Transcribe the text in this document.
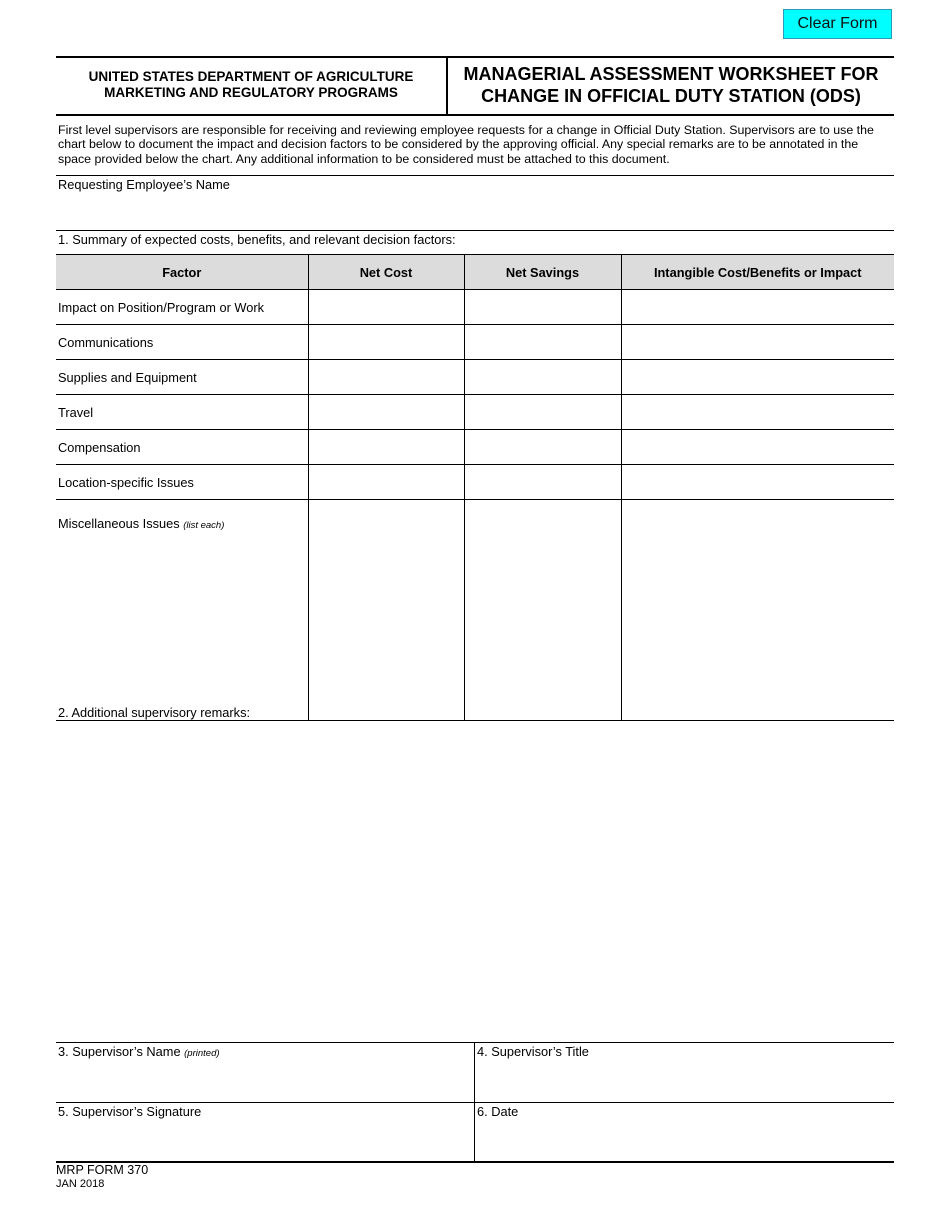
Clear Form
UNITED STATES DEPARTMENT OF AGRICULTURE
MARKETING AND REGULATORY PROGRAMS
MANAGERIAL ASSESSMENT WORKSHEET FOR
CHANGE IN OFFICIAL DUTY STATION (ODS)
First level supervisors are responsible for receiving and reviewing employee requests for a change in Official Duty Station. Supervisors are to use the chart below to document the impact and decision factors to be considered by the approving official. Any special remarks are to be annotated in the space provided below the chart. Any additional information to be considered must be attached to this document.
Requesting Employee’s Name
1. Summary of expected costs, benefits, and relevant decision factors:
Factor	Net Cost	Net Savings	Intangible Cost/Benefits or Impact
Impact on Position/Program or Work			
Communications			
Supplies and Equipment			
Travel			
Compensation			
Location-specific Issues			
Miscellaneous Issues (list each)			
2. Additional supervisory remarks:
3. Supervisor’s Name (printed)	4. Supervisor’s Title
5. Supervisor’s Signature	6. Date
MRP FORM 370
JAN 2018
